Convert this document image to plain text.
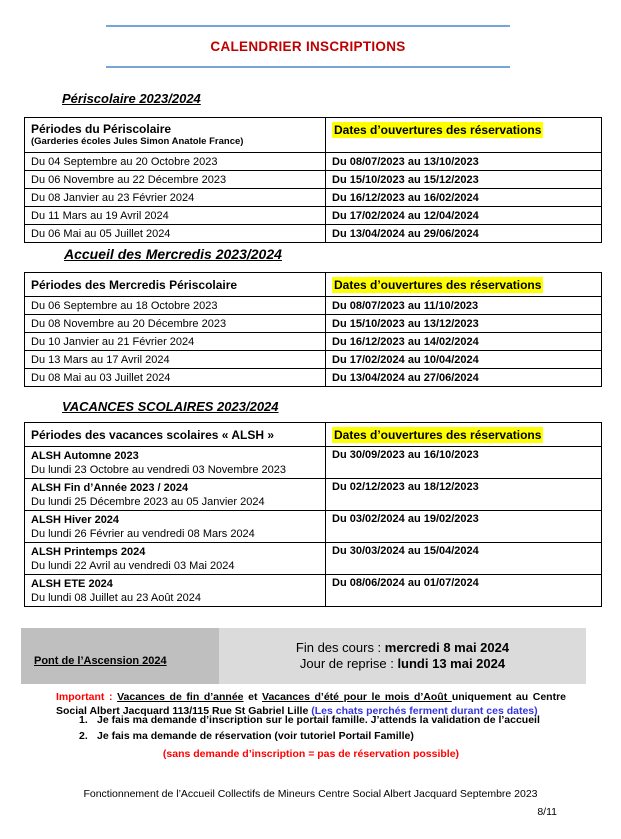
CALENDRIER INSCRIPTIONS
Périscolaire 2023/2024
Périodes du Périscolaire
(Garderies écoles Jules Simon Anatole France)	Dates d’ouvertures des réservations
Du 04 Septembre au 20 Octobre 2023	Du 08/07/2023 au 13/10/2023
Du 06 Novembre au 22 Décembre 2023	Du 15/10/2023 au 15/12/2023
Du 08 Janvier au 23 Février 2024	Du 16/12/2023 au 16/02/2024
Du 11 Mars au 19 Avril 2024	Du 17/02/2024 au 12/04/2024
Du 06 Mai au 05 Juillet 2024	Du 13/04/2024 au 29/06/2024
Accueil des Mercredis 2023/2024
Périodes des Mercredis Périscolaire	Dates d’ouvertures des réservations
Du 06 Septembre au 18 Octobre 2023	Du 08/07/2023 au 11/10/2023
Du 08 Novembre au 20 Décembre 2023	Du 15/10/2023 au 13/12/2023
Du 10 Janvier au 21 Février 2024	Du 16/12/2023 au 14/02/2024
Du 13 Mars au 17 Avril 2024	Du 17/02/2024 au 10/04/2024
Du 08 Mai au 03 Juillet 2024	Du 13/04/2024 au 27/06/2024
VACANCES SCOLAIRES 2023/2024
Périodes des vacances scolaires « ALSH »	Dates d’ouvertures des réservations

ALSH Automne 2023
Du lundi 23 Octobre au vendredi 03 Novembre 2023	Du 30/09/2023 au 16/10/2023

ALSH Fin d’Année 2023 / 2024
Du lundi 25 Décembre 2023 au 05 Janvier 2024	Du 02/12/2023 au 18/12/2023

ALSH Hiver 2024
Du lundi 26 Février au vendredi 08 Mars 2024	Du 03/02/2024 au 19/02/2023

ALSH Printemps 2024
Du lundi 22 Avril au vendredi 03 Mai 2024	Du 30/03/2024 au 15/04/2024

ALSH ETE 2024
Du lundi 08 Juillet au 23 Août 2024	Du 08/06/2024 au 01/07/2024
Pont de l’Ascension 2024
Fin des cours : mercredi 8 mai 2024
Jour de reprise : lundi 13 mai 2024
Important : Vacances de fin d’année et Vacances d’été pour le mois d’Août uniquement au Centre
Social Albert Jacquard 113/115 Rue St Gabriel Lille (Les chats perchés ferment durant ces dates)
1. Je fais ma demande d’inscription sur le portail famille. J’attends la validation de l’accueil
2. Je fais ma demande de réservation (voir tutoriel Portail Famille)
(sans demande d’inscription = pas de réservation possible)
Fonctionnement de l’Accueil Collectifs de Mineurs Centre Social Albert Jacquard Septembre 2023
8/11
